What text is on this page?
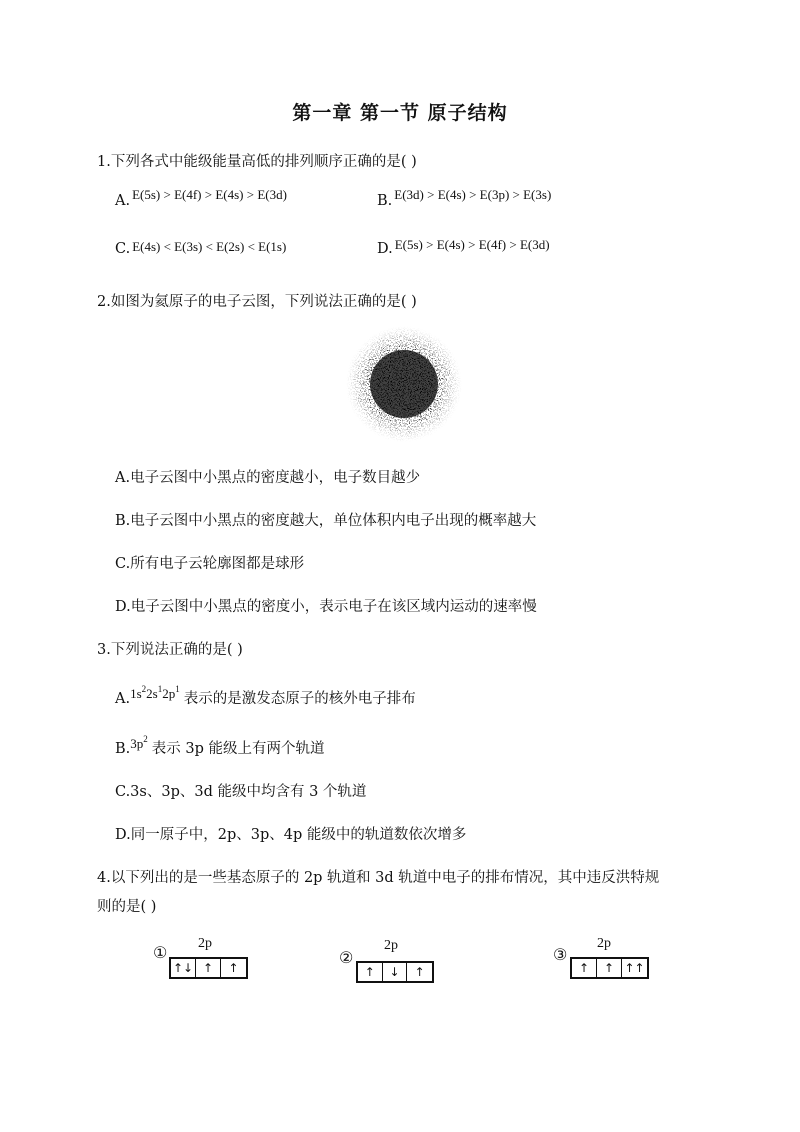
第一章 第一节 原子结构
1.下列各式中能级能量高低的排列顺序正确的是( )
A. E(5s) > E(4f) > E(4s) > E(3d)	B. E(3d) > E(4s) > E(3p) > E(3s)
C. E(4s) < E(3s) < E(2s) < E(1s)	D. E(5s) > E(4s) > E(4f) > E(3d)
2.如图为氦原子的电子云图，下列说法正确的是( )
A.电子云图中小黑点的密度越小，电子数目越少
B.电子云图中小黑点的密度越大，单位体积内电子出现的概率越大
C.所有电子云轮廓图都是球形
D.电子云图中小黑点的密度小，表示电子在该区域内运动的速率慢
3.下列说法正确的是( )
$A.1s^22s^12p^1$表示的是激发态原子的核外电子排布
$B.3p^2$表示 3p 能级上有两个轨道
C.3s、3p、3d 能级中均含有 3 个轨道
D.同一原子中，2p、3p、4p 能级中的轨道数依次增多
4.以下列出的是一些基态原子的 2p 轨道和 3d 轨道中电子的排布情况，其中违反洪特规
则的是( )
① 2p
↑↓ ↑	↑
②
2p
↑	↓	↑
③
2p
↑	↑ ↑↑
